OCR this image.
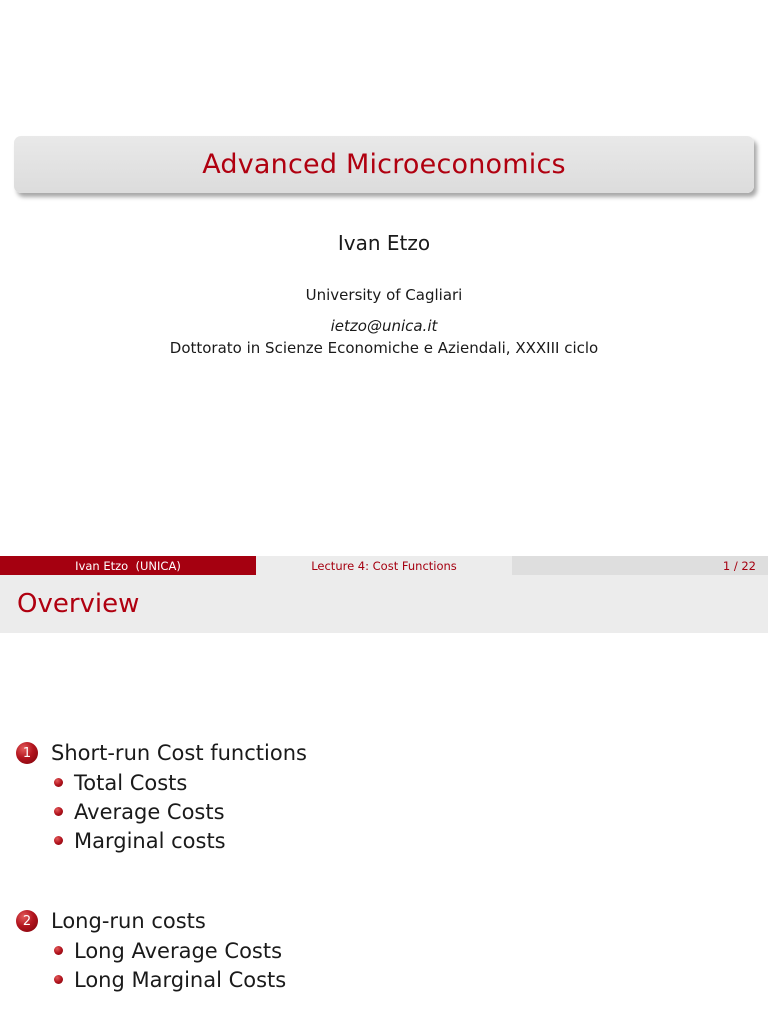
Advanced Microeconomics
Ivan Etzo
University of Cagliari
ietzo@unica.it
Dottorato in Scienze Economiche e Aziendali, XXXIII ciclo
Ivan Etzo  (UNICA)	Lecture 4: Cost Functions	1 / 22
Overview
1 Short-run Cost functions
Total Costs
Average Costs
Marginal costs
2 Long-run costs
Long Average Costs
Long Marginal Costs
